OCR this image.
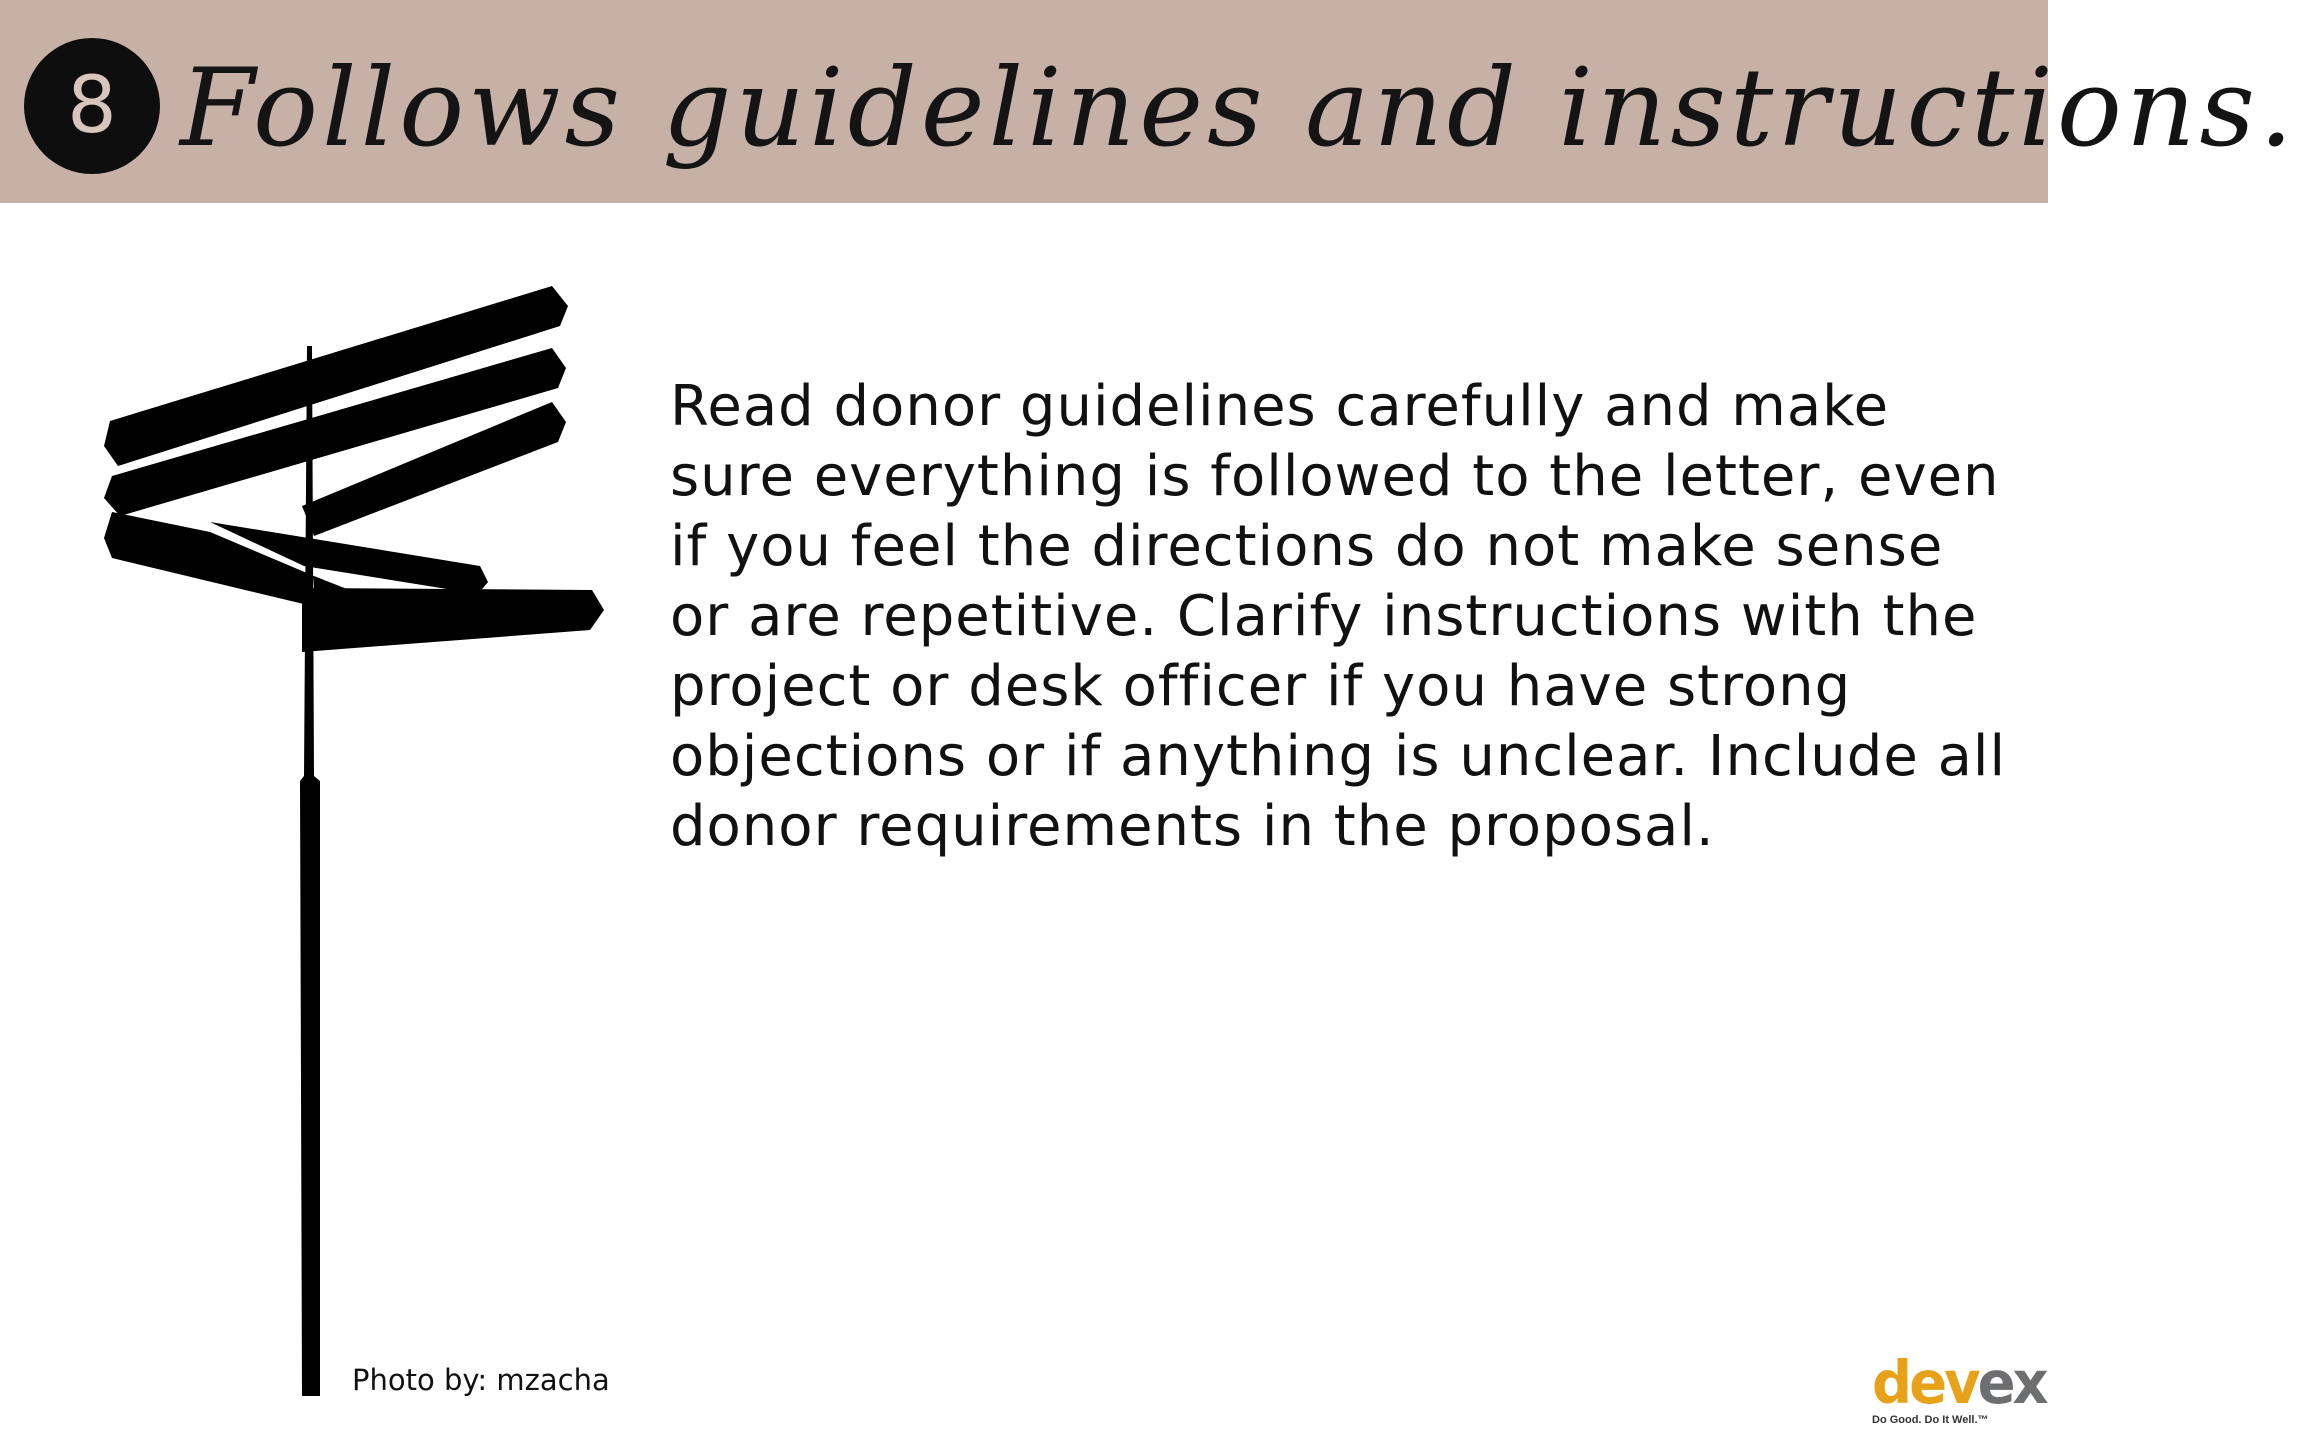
8 Follows guidelines and instructions.
Read donor guidelines carefully and make
sure everything is followed to the letter, even
if you feel the directions do not make sense
or are repetitive. Clarify instructions with the
project or desk officer if you have strong
objections or if anything is unclear. Include all
donor requirements in the proposal.
Photo by: mzacha	devex
Do Good. Do It Well.™
